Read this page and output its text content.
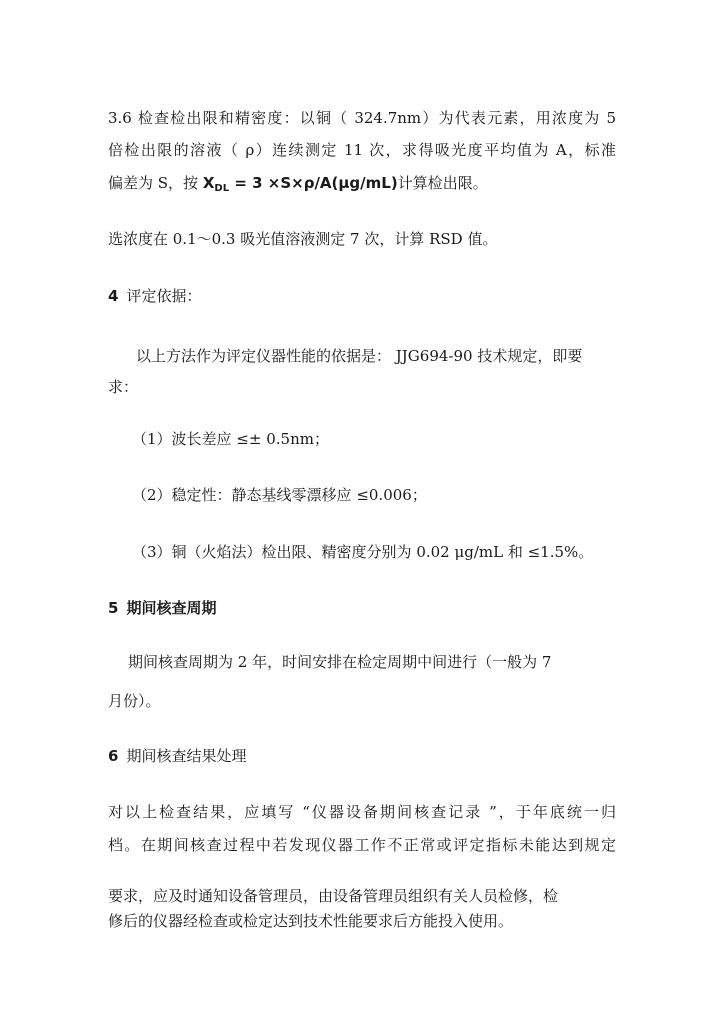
3.6 检查检出限和精密度：以铜（ 324.7nm）为代表元素，用浓度为 5
倍检出限的溶液（ ρ）连续测定 11 次，求得吸光度平均值为 A，标准
偏差为 S，按 $X_{DL} = 3 \times S\times\rho/A(\mu g/mL)$计算检出限。
选浓度在 0.1～0.3 吸光值溶液测定 7 次，计算 RSD 值。
4 评定依据：
以上方法作为评定仪器性能的依据是： JJG694-90 技术规定，即要
求：
（1）波长差应 ≤± 0.5nm；
（2）稳定性：静态基线零漂移应 ≤0.006；
（3）铜（火焰法）检出限、精密度分别为 0.02 μg/mL 和 ≤1.5%。
5 期间核查周期
期间核查周期为 2 年，时间安排在检定周期中间进行（一般为 7
月份）。
6 期间核查结果处理
对以上检查结果，应填写 “仪器设备期间核查记录 ”，于年底统一归
档。在期间核查过程中若发现仪器工作不正常或评定指标未能达到规定
要求，应及时通知设备管理员，由设备管理员组织有关人员检修，检
修后的仪器经检查或检定达到技术性能要求后方能投入使用。
